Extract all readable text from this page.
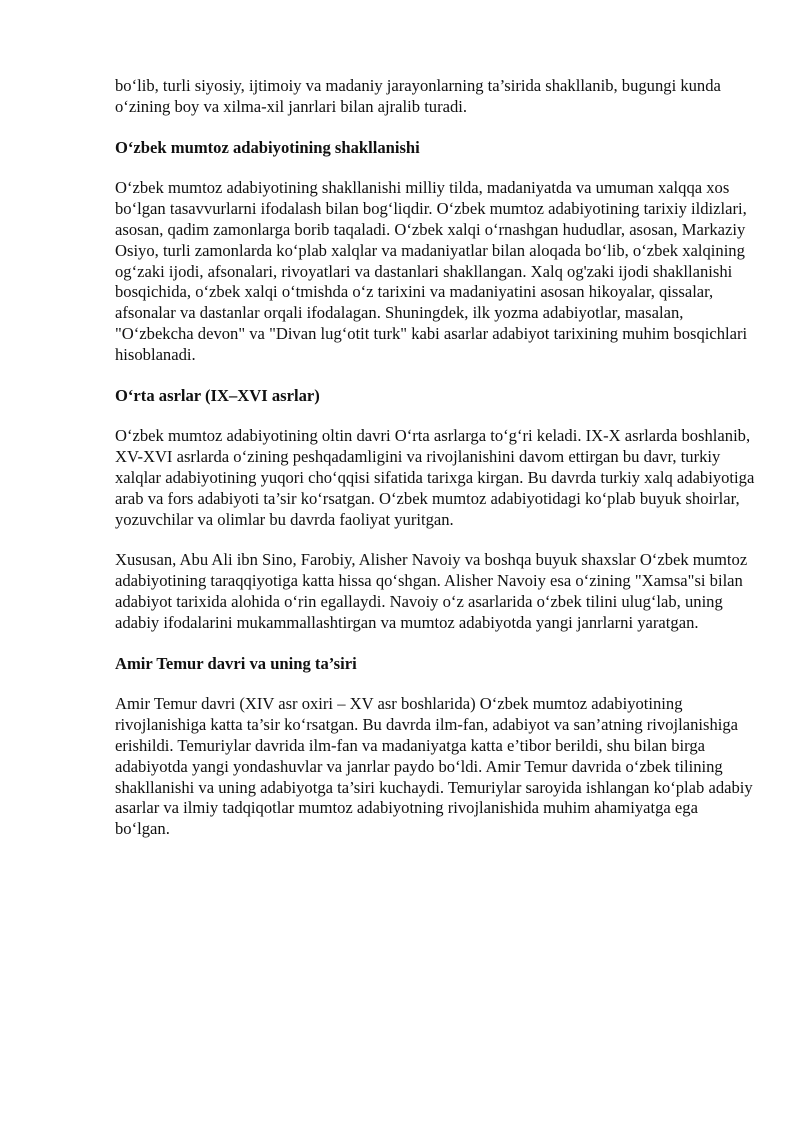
bo‘lib, turli siyosiy, ijtimoiy va madaniy jarayonlarning ta’sirida shakllanib, bugungi kunda o‘zining boy va xilma-xil janrlari bilan ajralib turadi.

O‘zbek mumtoz adabiyotining shakllanishi

O‘zbek mumtoz adabiyotining shakllanishi milliy tilda, madaniyatda va umuman xalqqa xos bo‘lgan tasavvurlarni ifodalash bilan bog‘liqdir. O‘zbek mumtoz adabiyotining tarixiy ildizlari, asosan, qadim zamonlarga borib taqaladi. O‘zbek xalqi o‘rnashgan hududlar, asosan, Markaziy Osiyo, turli zamonlarda ko‘plab xalqlar va madaniyatlar bilan aloqada bo‘lib, o‘zbek xalqining og‘zaki ijodi, afsonalari, rivoyatlari va dastanlari shakllangan. Xalq og'zaki ijodi shakllanishi bosqichida, o‘zbek xalqi o‘tmishda o‘z tarixini va madaniyatini asosan hikoyalar, qissalar, afsonalar va dastanlar orqali ifodalagan. Shuningdek, ilk yozma adabiyotlar, masalan, "O‘zbekcha devon" va "Divan lug‘otit turk" kabi asarlar adabiyot tarixining muhim bosqichlari hisoblanadi.

O‘rta asrlar (IX–XVI asrlar)

O‘zbek mumtoz adabiyotining oltin davri O‘rta asrlarga to‘g‘ri keladi. IX-X asrlarda boshlanib, XV-XVI asrlarda o‘zining peshqadamligini va rivojlanishini davom ettirgan bu davr, turkiy xalqlar adabiyotining yuqori cho‘qqisi sifatida tarixga kirgan. Bu davrda turkiy xalq adabiyotiga arab va fors adabiyoti ta’sir ko‘rsatgan. O‘zbek mumtoz adabiyotidagi ko‘plab buyuk shoirlar, yozuvchilar va olimlar bu davrda faoliyat yuritgan.

Xususan, Abu Ali ibn Sino, Farobiy, Alisher Navoiy va boshqa buyuk shaxslar O‘zbek mumtoz adabiyotining taraqqiyotiga katta hissa qo‘shgan. Alisher Navoiy esa o‘zining "Xamsa"si bilan adabiyot tarixida alohida o‘rin egallaydi. Navoiy o‘z asarlarida o‘zbek tilini ulug‘lab, uning adabiy ifodalarini mukammallashtirgan va mumtoz adabiyotda yangi janrlarni yaratgan.

Amir Temur davri va uning ta’siri

Amir Temur davri (XIV asr oxiri – XV asr boshlarida) O‘zbek mumtoz adabiyotining rivojlanishiga katta ta’sir ko‘rsatgan. Bu davrda ilm-fan, adabiyot va san’atning rivojlanishiga erishildi. Temuriylar davrida ilm-fan va madaniyatga katta e’tibor berildi, shu bilan birga adabiyotda yangi yondashuvlar va janrlar paydo bo‘ldi. Amir Temur davrida o‘zbek tilining shakllanishi va uning adabiyotga ta’siri kuchaydi. Temuriylar saroyida ishlangan ko‘plab adabiy asarlar va ilmiy tadqiqotlar mumtoz adabiyotning rivojlanishida muhim ahamiyatga ega bo‘lgan.
